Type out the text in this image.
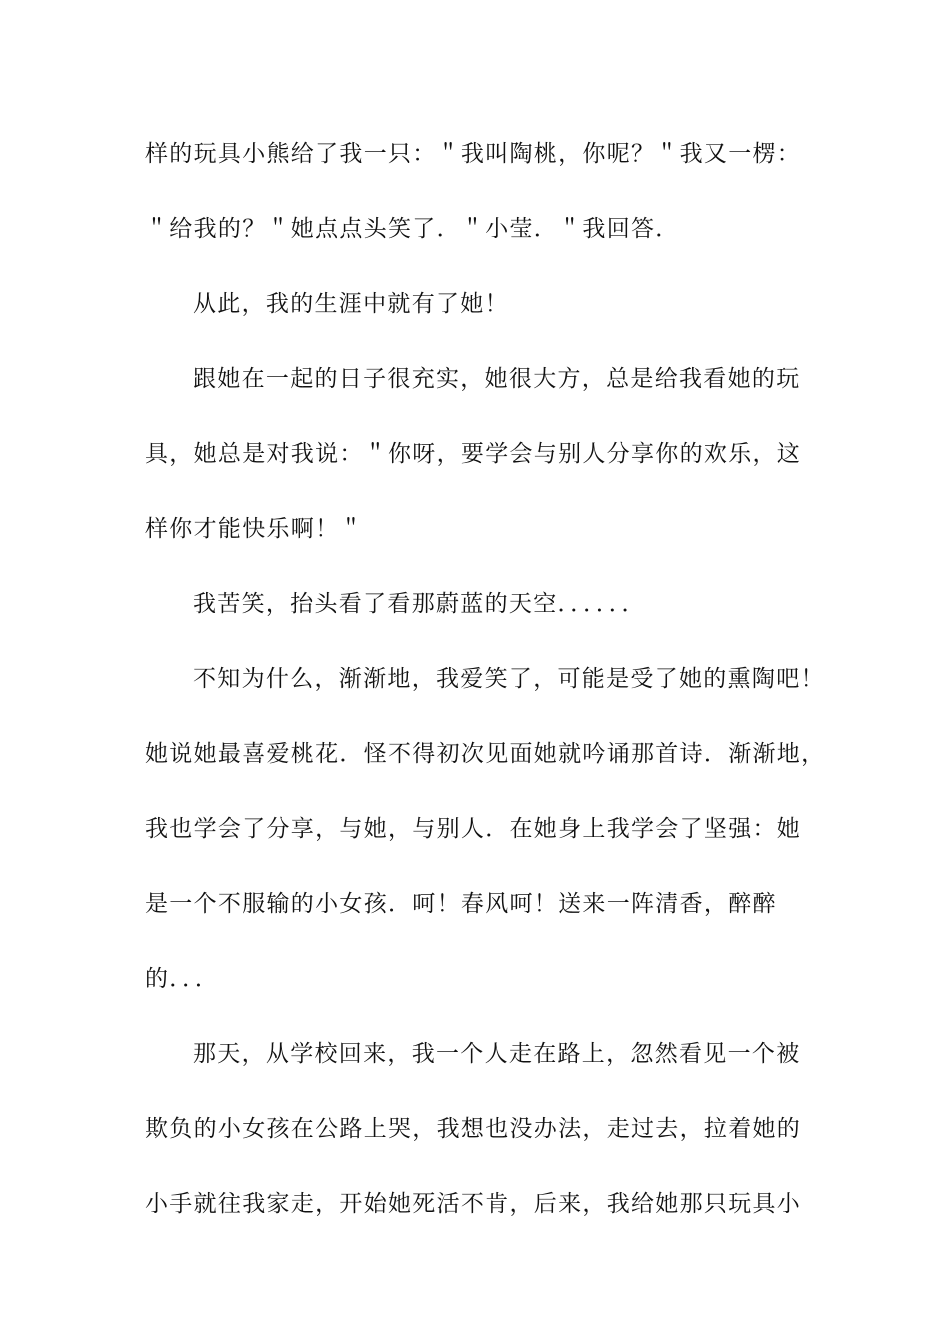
样的玩具小熊给了我一只：＂我叫陶桃，你呢？＂我又一楞：
＂给我的？＂她点点头笑了．＂小莹．＂我回答．
从此，我的生涯中就有了她！
跟她在一起的日子很充实，她很大方，总是给我看她的玩
具，她总是对我说：＂你呀，要学会与别人分享你的欢乐，这
样你才能快乐啊！＂
我苦笑，抬头看了看那蔚蓝的天空．．．．．．
不知为什么，渐渐地，我爱笑了，可能是受了她的熏陶吧！
她说她最喜爱桃花．怪不得初次见面她就吟诵那首诗．渐渐地，
我也学会了分享，与她，与别人．在她身上我学会了坚强：她
是一个不服输的小女孩．呵！春风呵！送来一阵清香，醉醉
的．．．
那天，从学校回来，我一个人走在路上，忽然看见一个被
欺负的小女孩在公路上哭，我想也没办法，走过去，拉着她的
小手就往我家走，开始她死活不肯，后来，我给她那只玩具小
